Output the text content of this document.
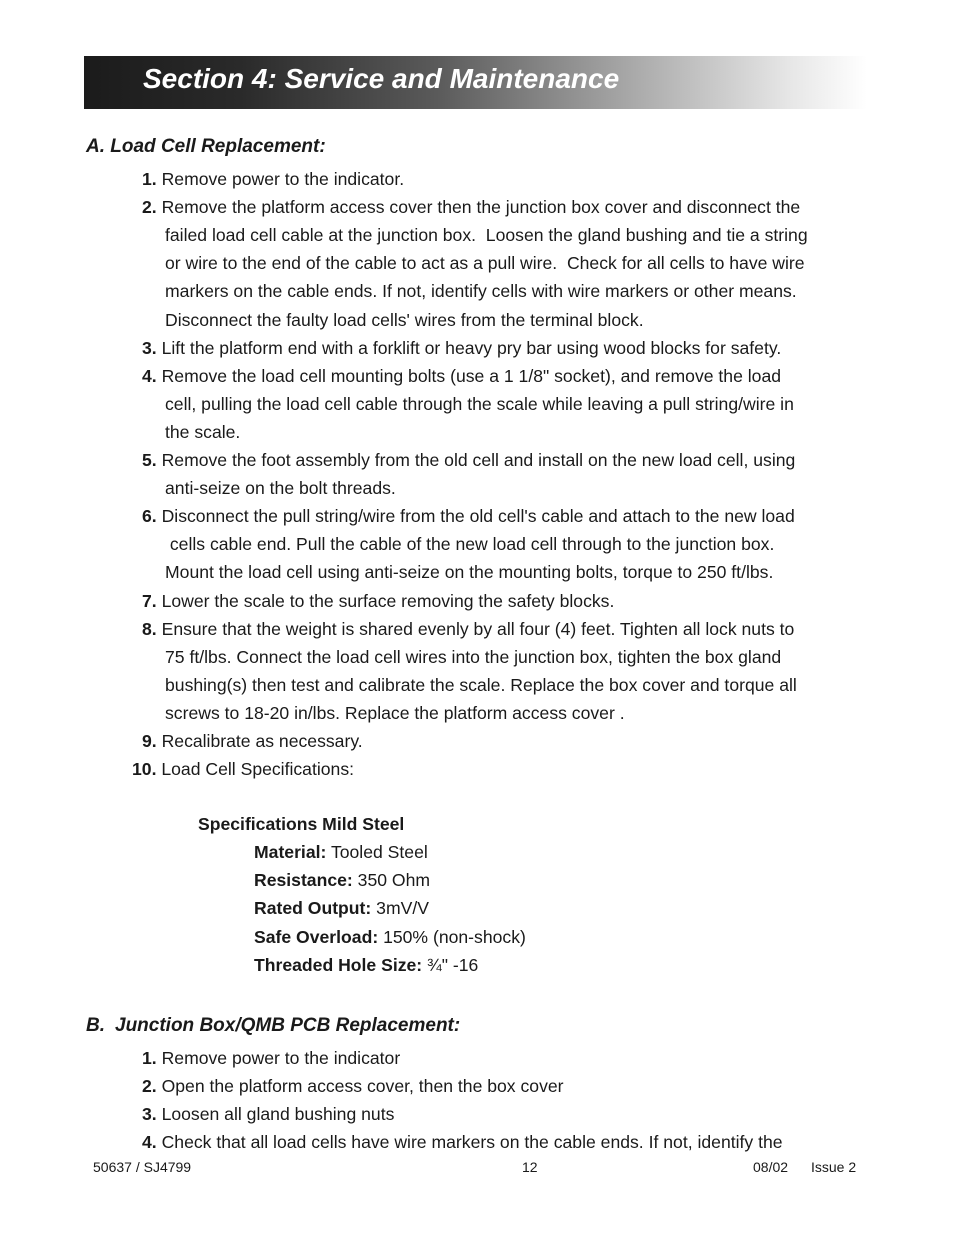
Section 4: Service and Maintenance
A. Load Cell Replacement:

1. Remove power to the indicator.

2. Remove the platform access cover then the junction box cover and disconnect the

failed load cell cable at the junction box.  Loosen the gland bushing and tie a string

or wire to the end of the cable to act as a pull wire.  Check for all cells to have wire

markers on the cable ends. If not, identify cells with wire markers or other means.

Disconnect the faulty load cells' wires from the terminal block.

3. Lift the platform end with a forklift or heavy pry bar using wood blocks for safety.

4. Remove the load cell mounting bolts (use a 1 1/8" socket), and remove the load

cell, pulling the load cell cable through the scale while leaving a pull string/wire in

the scale.

5. Remove the foot assembly from the old cell and install on the new load cell, using

anti-seize on the bolt threads.

6. Disconnect the pull string/wire from the old cell's cable and attach to the new load

cells cable end. Pull the cable of the new load cell through to the junction box.

Mount the load cell using anti-seize on the mounting bolts, torque to 250 ft/lbs.

7. Lower the scale to the surface removing the safety blocks.

8. Ensure that the weight is shared evenly by all four (4) feet. Tighten all lock nuts to

75 ft/lbs. Connect the load cell wires into the junction box, tighten the box gland

bushing(s) then test and calibrate the scale. Replace the box cover and torque all

screws to 18-20 in/lbs. Replace the platform access cover .

9. Recalibrate as necessary.

10. Load Cell Specifications:

Specifications Mild Steel

Material: Tooled Steel

Resistance: 350 Ohm

Rated Output: 3mV/V

Safe Overload: 150% (non-shock)

Threaded Hole Size: ¾" -16

B. Junction Box/QMB PCB Replacement:

1. Remove power to the indicator

2. Open the platform access cover, then the box cover

3. Loosen all gland bushing nuts

4. Check that all load cells have wire markers on the cable ends. If not, identify the

50637 / SJ4799	12	08/02 Issue 2
